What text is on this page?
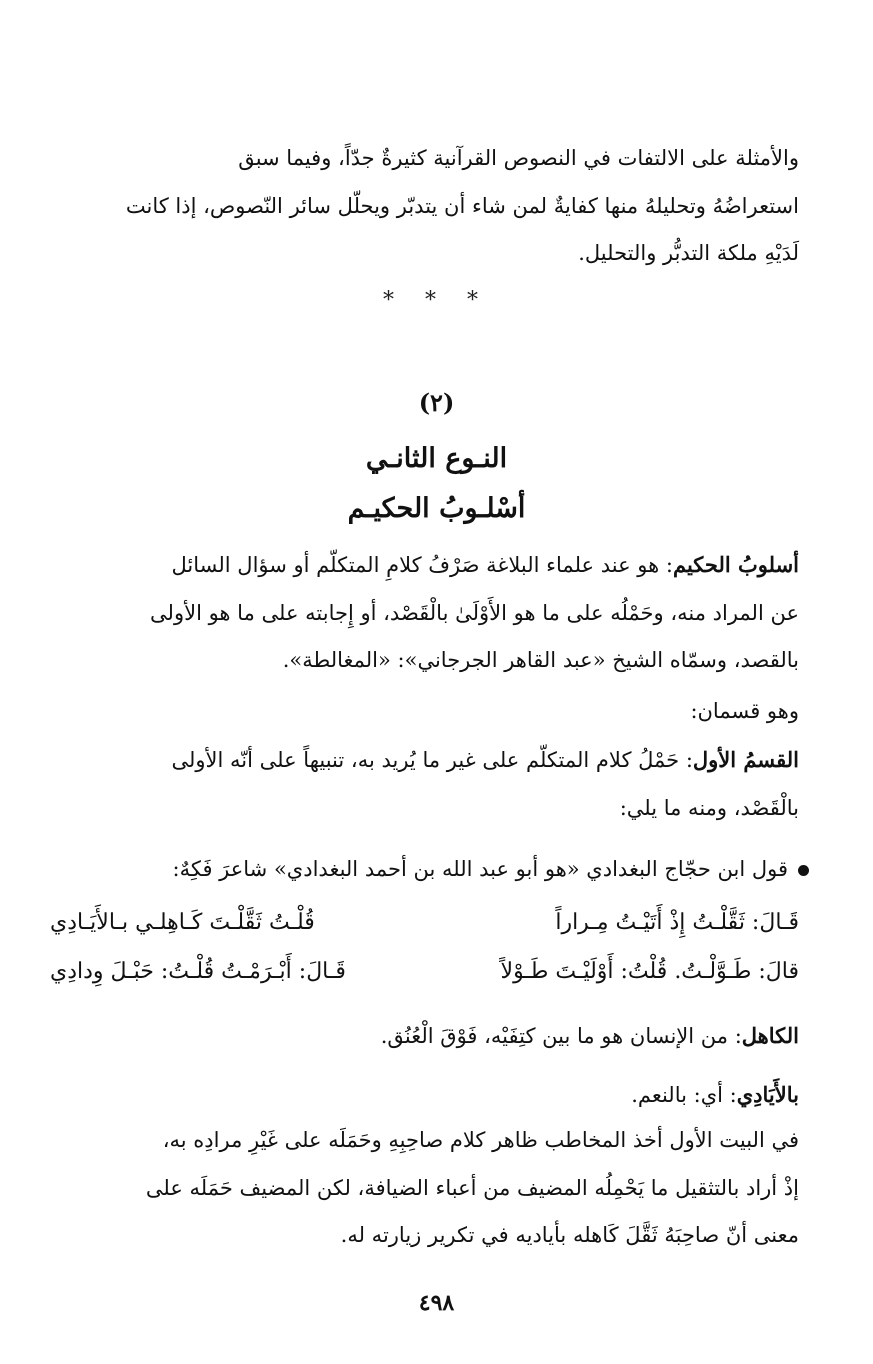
والأمثلة على الالتفات في النصوص القرآنية كثيرةٌ جدّاً، وفيما سبق
استعراضُهُ وتحليلهُ منها كفايةٌ لمن شاء أن يتدبّر ويحلّل سائر النّصوص، إذا كانت
لَدَيْهِ ملكة التدبُّر والتحليل.

* * *
(٢)
النـوع الثانـي
أسْلـوبُ الحكيـم

أسلوبُ الحكيم: هو عند علماء البلاغة صَرْفُ كلامِ المتكلّم أو سؤال السائل
عن المراد منه، وحَمْلُه على ما هو الأَوْلَىٰ بالْقَصْد، أو إِجابته على ما هو الأولى
بالقصد، وسمّاه الشيخ «عبد القاهر الجرجاني»: «المغالطة».

وهو قسمان:

القسمُ الأول: حَمْلُ كلام المتكلّم على غير ما يُريد به، تنبيهاً على أنّه الأولى
بالْقَصْد، ومنه ما يلي:

قول ابن حجّاج البغدادي «هو أبو عبد الله بن أحمد البغدادي» شاعرَ فَكِهٌ:
قَـالَ: ثَقَّلْـتُ إِذْ أَتَيْـتُ مِـراراً
قُلْـتُ ثَقَّلْـتَ كَـاهِلـي بـالأَيَـادِي
قالَ: طَـوَّلْـتُ. قُلْتُ: أَوْلَيْـتَ طَـوْلاً
قَـالَ: أَبْـرَمْـتُ قُلْـتُ: حَبْـلَ وِدادِي

الكاهل: من الإنسان هو ما بين كتِفَيْه، فَوْقَ الْعُنُق.

بالأَيَادِي: أي: بالنعم.

في البيت الأول أخذ المخاطب ظاهر كلام صاحِبِهِ وحَمَلَه على غَيْرِ مرادِه به،
إذْ أراد بالتثقيل ما يَحْمِلُه المضيف من أعباء الضيافة، لكن المضيف حَمَلَه على
معنى أنّ صاحِبَهُ ثَقَّلَ كَاهله بأياديه في تكرير زيارته له.

٤٩٨
